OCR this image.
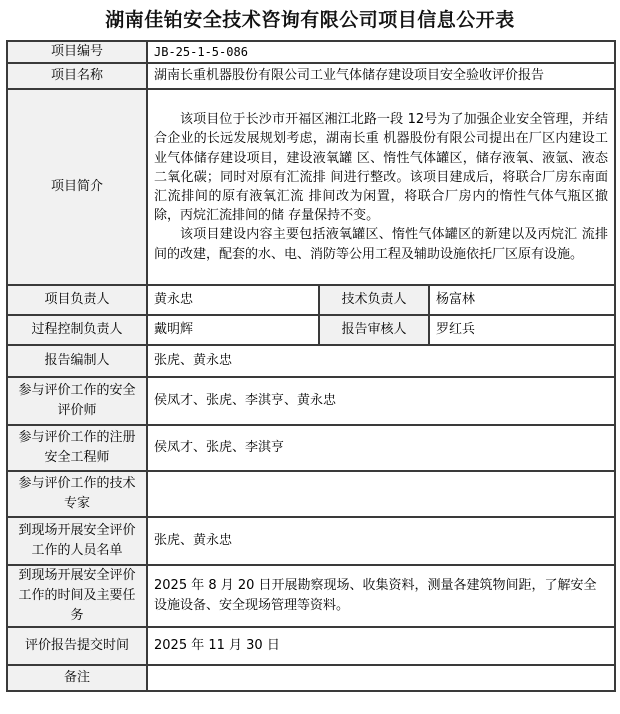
湖南佳铂安全技术咨询有限公司项目信息公开表
项目编号	JB-25-1-5-086		
项目名称	湖南长重机器股份有限公司工业气体储存建设项目安全验收评价报告		
项目简介	该项目位于长沙市开福区湘江北路一段 12号为了加强企业安全管理，并结合企业的长远发展规划考虑，湖南长重 机器股份有限公司提出在厂区内建设工业气体储存建设项目，建设液氧罐 区、惰性气体罐区，储存液氧、液氩、液态二氧化碳；同时对原有汇流排 间进行整改。该项目建成后，将联合厂房东南面汇流排间的原有液氧汇流 排间改为闲置，将联合厂房内的惰性气体气瓶区撤除，丙烷汇流排间的储 存量保持不变。

该项目建设内容主要包括液氧罐区、惰性气体罐区的新建以及丙烷汇 流排间的改建，配套的水、电、消防等公用工程及辅助设施依托厂区原有设施。		

项目负责人	黄永忠	技术负责人	杨富林
过程控制负责人	戴明辉	报告审核人	罗红兵
报告编制人	张虎、黄永忠		
参与评价工作的安全评价师	侯凤才、张虎、李淇亨、黄永忠		
参与评价工作的注册安全工程师	侯凤才、张虎、李淇亨		
参与评价工作的技术专家			
到现场开展安全评价工作的人员名单	张虎、黄永忠		
到现场开展安全评价工作的时间及主要任务	2025 年 8 月 20 日开展勘察现场、收集资料，测量各建筑物间距，了解安全设施设备、安全现场管理等资料。		
评价报告提交时间	2025 年 11 月 30 日		
备注			
